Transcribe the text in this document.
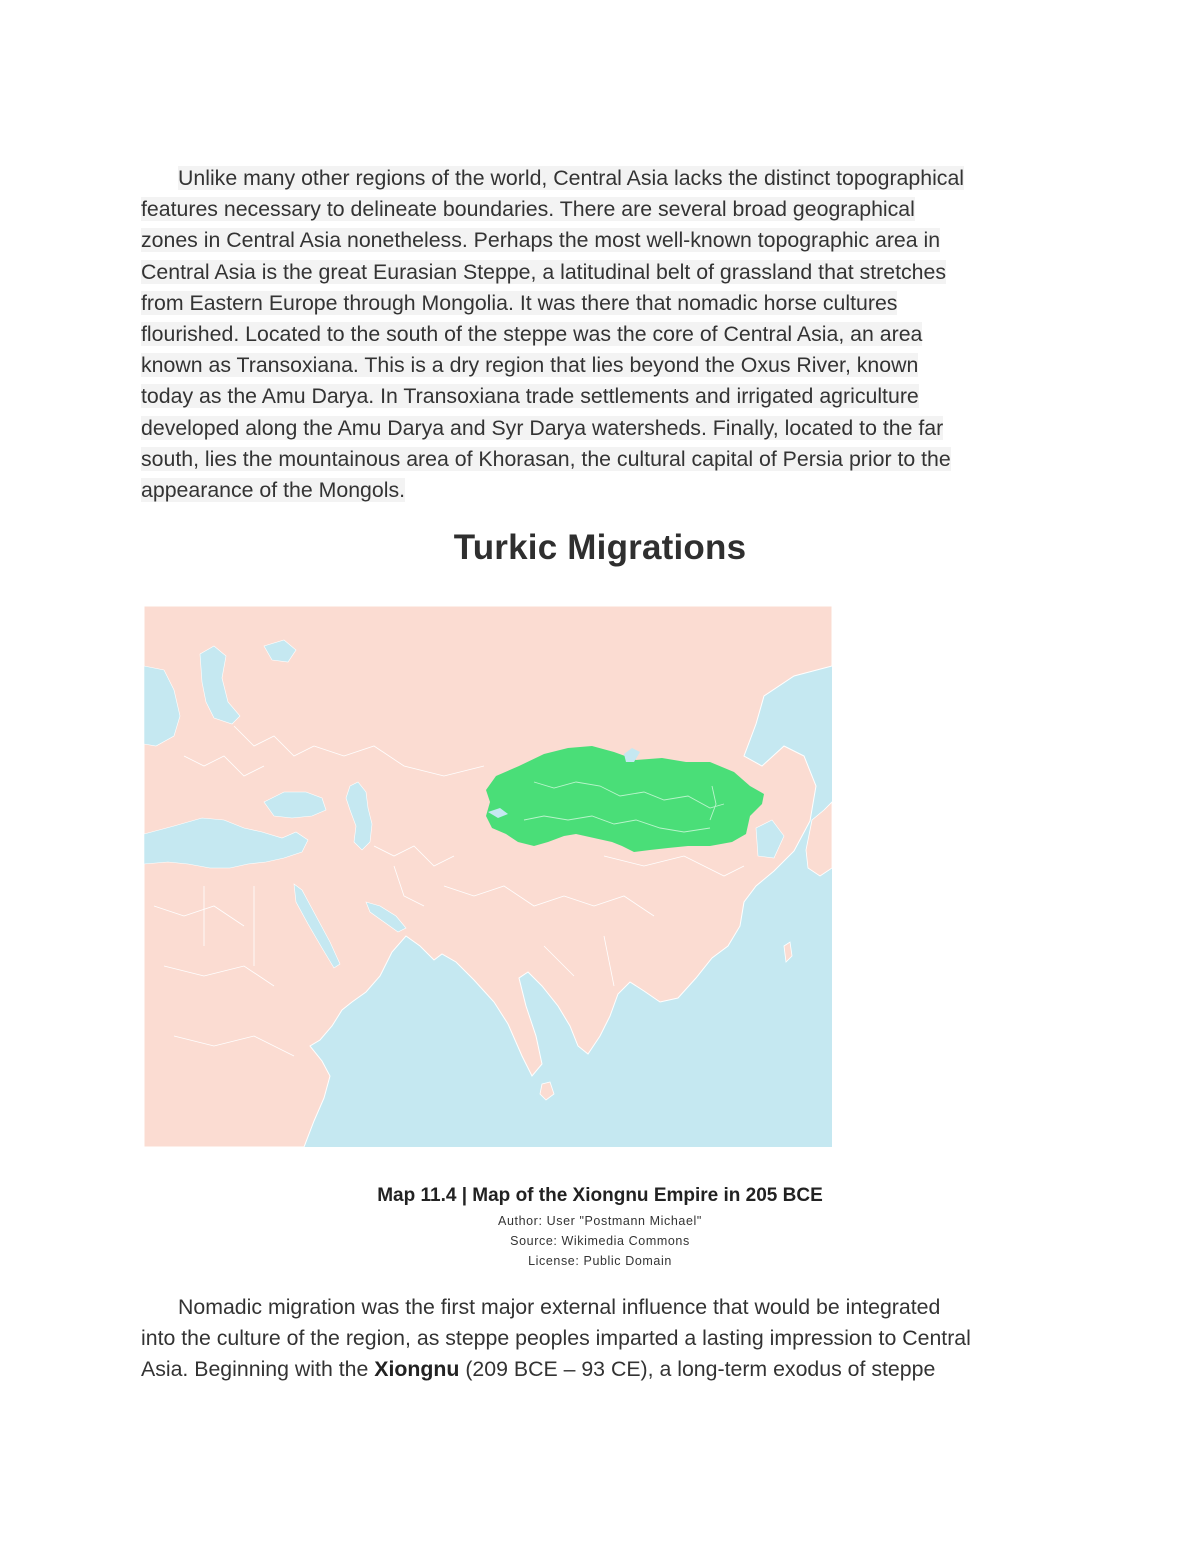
Unlike many other regions of the world, Central Asia lacks the distinct topographical
features necessary to delineate boundaries. There are several broad geographical
zones in Central Asia nonetheless. Perhaps the most well-known topographic area in
Central Asia is the great Eurasian Steppe, a latitudinal belt of grassland that stretches
from Eastern Europe through Mongolia. It was there that nomadic horse cultures
flourished. Located to the south of the steppe was the core of Central Asia, an area
known as Transoxiana. This is a dry region that lies beyond the Oxus River, known
today as the Amu Darya. In Transoxiana trade settlements and irrigated agriculture
developed along the Amu Darya and Syr Darya watersheds. Finally, located to the far
south, lies the mountainous area of Khorasan, the cultural capital of Persia prior to the
appearance of the Mongols.

Turkic Migrations

Map 11.4 | Map of the Xiongnu Empire in 205 BCE

Author: User "Postmann Michael"

Source: Wikimedia Commons

License: Public Domain

Nomadic migration was the first major external influence that would be integrated
into the culture of the region, as steppe peoples imparted a lasting impression to Central
Asia. Beginning with the Xiongnu (209 BCE – 93 CE), a long-term exodus of steppe
